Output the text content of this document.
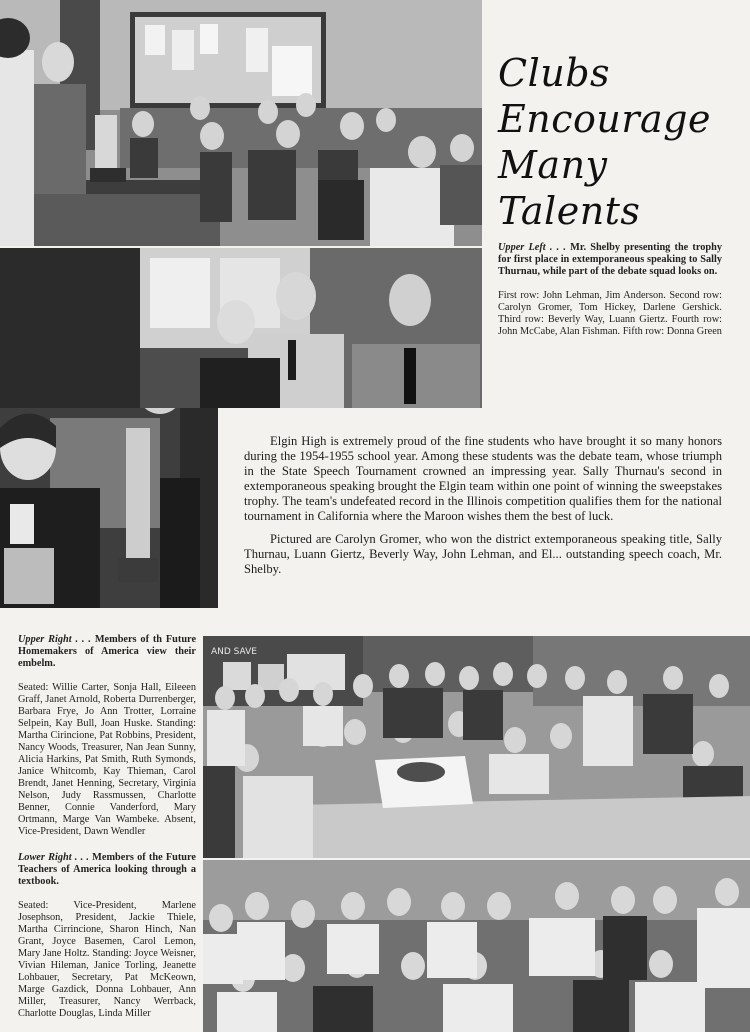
AND SAVE
Clubs
Encourage
Many
Talents
Upper Left . . . Mr. Shelby presenting the trophy for first place in extemporaneous speaking to Sally Thurnau, while part of the debate squad looks on.
First row: John Lehman, Jim Anderson. Second row: Carolyn Gromer, Tom Hickey, Darlene Gershick. Third row: Beverly Way, Luann Giertz. Fourth row: John McCabe, Alan Fishman. Fifth row: Donna Green

Elgin High is extremely proud of the fine students who have brought it so many honors during the 1954-1955 school year. Among these students was the debate team, whose triumph in the State Speech Tournament crowned an impressing year. Sally Thurnau's second in extemporaneous speaking brought the Elgin team within one point of winning the sweepstakes trophy. The team's undefeated record in the Illinois competition qualifies them for the national tournament in California where the Maroon wishes them the best of luck.

Pictured are Carolyn Gromer, who won the district extemporaneous speaking title, Sally Thurnau, Luann Giertz, Beverly Way, John Lehman, and El... outstanding speech coach, Mr. Shelby.

Upper Right . . . Members of th Future Homemakers of America view their embelm.
Seated: Willie Carter, Sonja Hall, Eileeen Graff, Janet Arnold, Roberta Durrenberger, Barbara Frye, Jo Ann Trotter, Lorraine Selpein, Kay Bull, Joan Huske. Standing: Martha Cirincione, Pat Robbins, President, Nancy Woods, Treasurer, Nan Jean Sunny, Alicia Harkins, Pat Smith, Ruth Symonds, Janice Whitcomb, Kay Thieman, Carol Brendt, Janet Henning, Secretary, Virginia Nelson, Judy Rassmussen, Charlotte Benner, Connie Vanderford, Mary Ortmann, Marge Van Wambeke. Absent, Vice-President, Dawn Wendler
Lower Right . . . Members of the Future Teachers of America looking through a textbook.
Seated: Vice-President, Marlene Josephson, President, Jackie Thiele, Martha Cirrincione, Sharon Hinch, Nan Grant, Joyce Basemen, Carol Lemon, Mary Jane Holtz. Standing: Joyce Weisner, Vivian Hileman, Janice Torling, Jeanette Lohbauer, Secretary, Pat McKeown, Marge Gazdick, Donna Lohbauer, Ann Miller, Treasurer, Nancy Werrback, Charlotte Douglas, Linda Miller
